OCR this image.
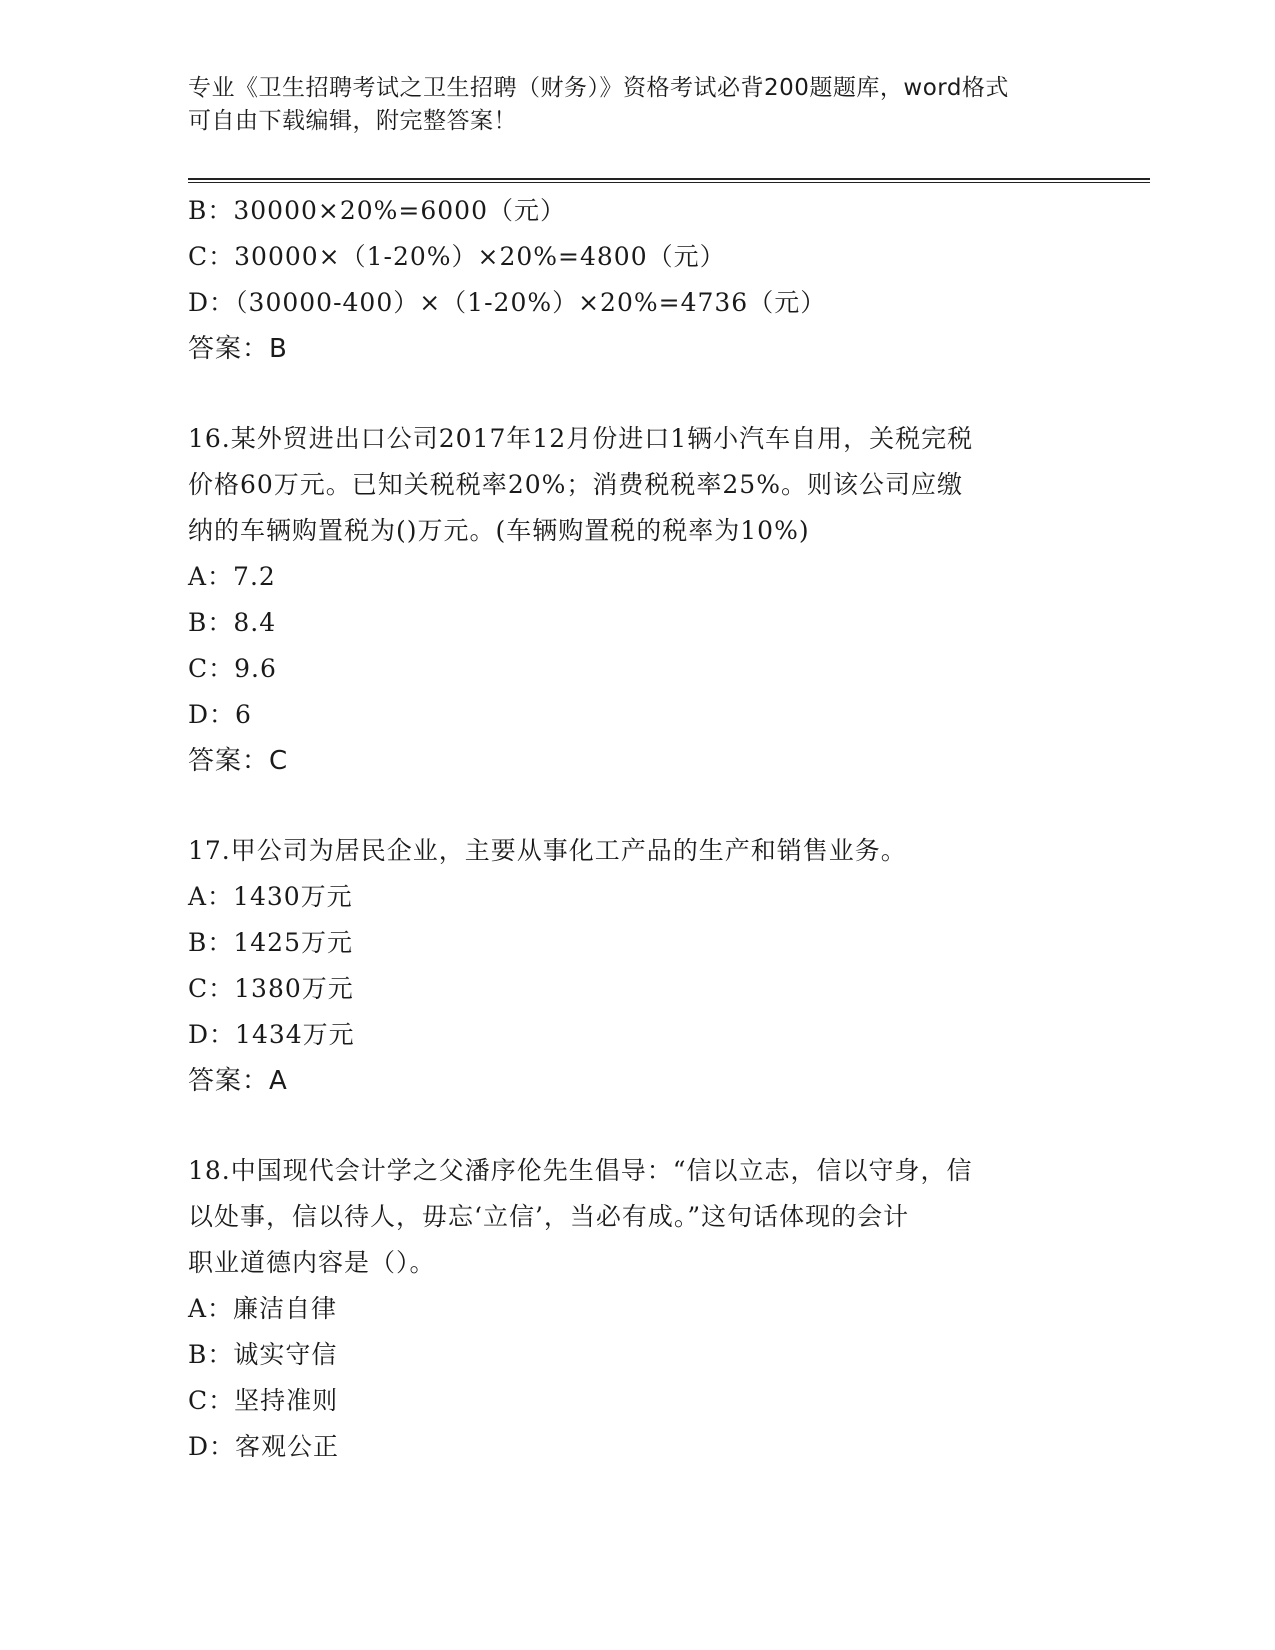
专业《卫生招聘考试之卫生招聘（财务）》资格考试必背200题题库，word格式
可自由下载编辑，附完整答案！
B：30000×20%=6000（元）
C：30000×（1-20%）×20%=4800（元）
D：（30000-400）×（1-20%）×20%=4736（元）
答案：B
16.某外贸进出口公司2017年12月份进口1辆小汽车自用，关税完税
价格60万元。已知关税税率20%；消费税税率25%。则该公司应缴
纳的车辆购置税为()万元。(车辆购置税的税率为10%)
A：7.2
B：8.4
C：9.6
D：6
答案：C
17.甲公司为居民企业，主要从事化工产品的生产和销售业务。
A：1430万元
B：1425万元
C：1380万元
D：1434万元
答案：A
18.中国现代会计学之父潘序伦先生倡导：“信以立志，信以守身，信
以处事，信以待人，毋忘‘立信’，当必有成。”这句话体现的会计
职业道德内容是（）。
A：廉洁自律
B：诚实守信
C：坚持准则
D：客观公正
